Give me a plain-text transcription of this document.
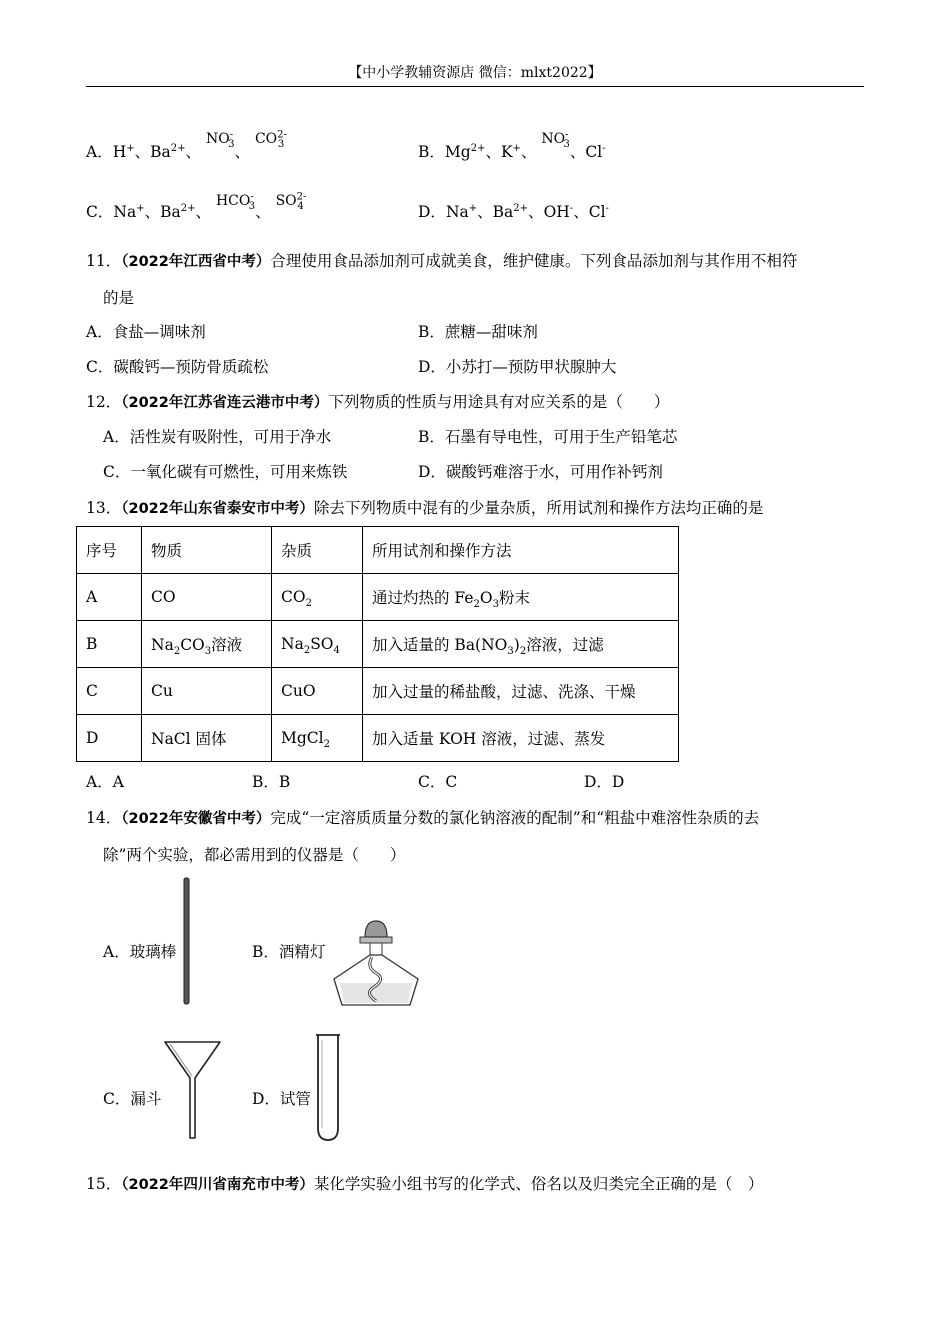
【中小学教辅资源店 微信：mlxt2022】
A．H+、$Ba^{2+}$、 $NO^-_3$、 $CO^{2-}_3$	B．$Mg^{2+}$、K+、 $NO^-_3$、Cl-
C．Na+、$Ba^{2+}$、 $HCO^-_3$、 $SO^{2-}_4$	D．Na+、$Ba^{2+}$、OH-、Cl-
11．（2022年江西省中考）合理使用食品添加剂可成就美食，维护健康。下列食品添加剂与其作用不相符
的是
A．食盐—调味剂	B．蔗糖—甜味剂
C．碳酸钙—预防骨质疏松	D．小苏打—预防甲状腺肿大
12．（2022年江苏省连云港市中考）下列物质的性质与用途具有对应关系的是（　　）
A．活性炭有吸附性，可用于净水	B．石墨有导电性，可用于生产铅笔芯
C．一氧化碳有可燃性，可用来炼铁	D．碳酸钙难溶于水，可用作补钙剂
13．（2022年山东省泰安市中考）除去下列物质中混有的少量杂质，所用试剂和操作方法均正确的是
序号	物质	杂质	所用试剂和操作方法
A	CO	$CO_2$	通过灼热的 $Fe_2O_3$粉末
B	$Na_2CO_3$溶液	$Na_2SO_4$	加入适量的 $Ba(NO_3)_2$溶液，过滤
C	Cu	CuO	加入过量的稀盐酸，过滤、洗涤、干燥
D	NaCl 固体	MgCl$_2$	加入适量 KOH 溶液，过滤、蒸发
A．A	B．B	C．C	D．D
14．（2022年安徽省中考）完成“一定溶质质量分数的氯化钠溶液的配制”和“粗盐中难溶性杂质的去
除”两个实验，都必需用到的仪器是（　　）
A．玻璃棒	B．酒精灯
C．漏斗	D．试管
15．（2022年四川省南充市中考）某化学实验小组书写的化学式、俗名以及归类完全正确的是（　）
